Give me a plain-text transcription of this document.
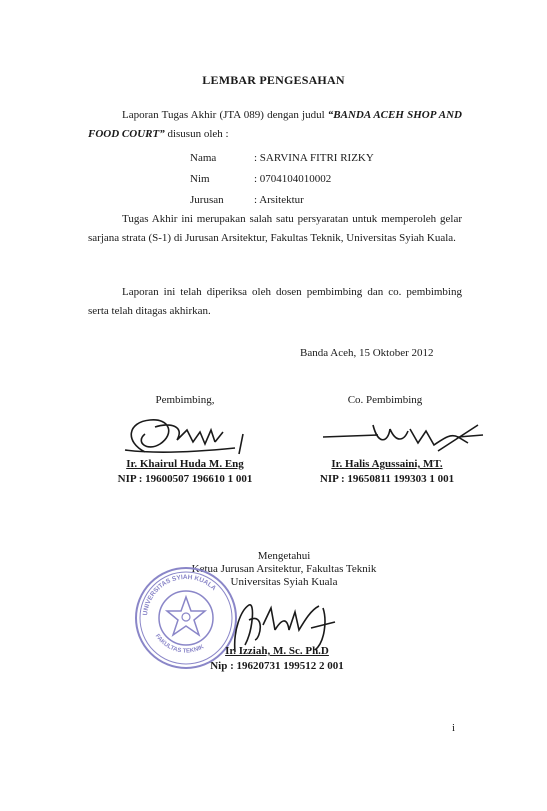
LEMBAR PENGESAHAN
Laporan Tugas Akhir (JTA 089) dengan judul “BANDA ACEH SHOP AND FOOD COURT” disusun oleh :
Nama	: SARVINA FITRI RIZKY
Nim	: 0704104010002
Jurusan	: Arsitektur
Tugas Akhir ini merupakan salah satu persyaratan untuk memperoleh gelar sarjana strata (S-1) di Jurusan Arsitektur, Fakultas Teknik, Universitas Syiah Kuala.
Laporan ini telah diperiksa oleh dosen pembimbing dan co. pembimbing serta telah ditagas akhirkan.
Banda Aceh, 15 Oktober 2012
Pembimbing,
Ir. Khairul Huda M. Eng
NIP : 19600507 196610 1 001
Co. Pembimbing
Ir. Halis Agussaini, MT.
NIP : 19650811 199303 1 001
Mengetahui
Ketua Jurusan Arsitektur, Fakultas Teknik
Universitas Syiah Kuala
UNIVERSITAS SYIAH KUALA
FAKULTAS TEKNIK	Ir. Izziah, M. Sc. Ph.D
Nip : 19620731 199512 2 001
i
